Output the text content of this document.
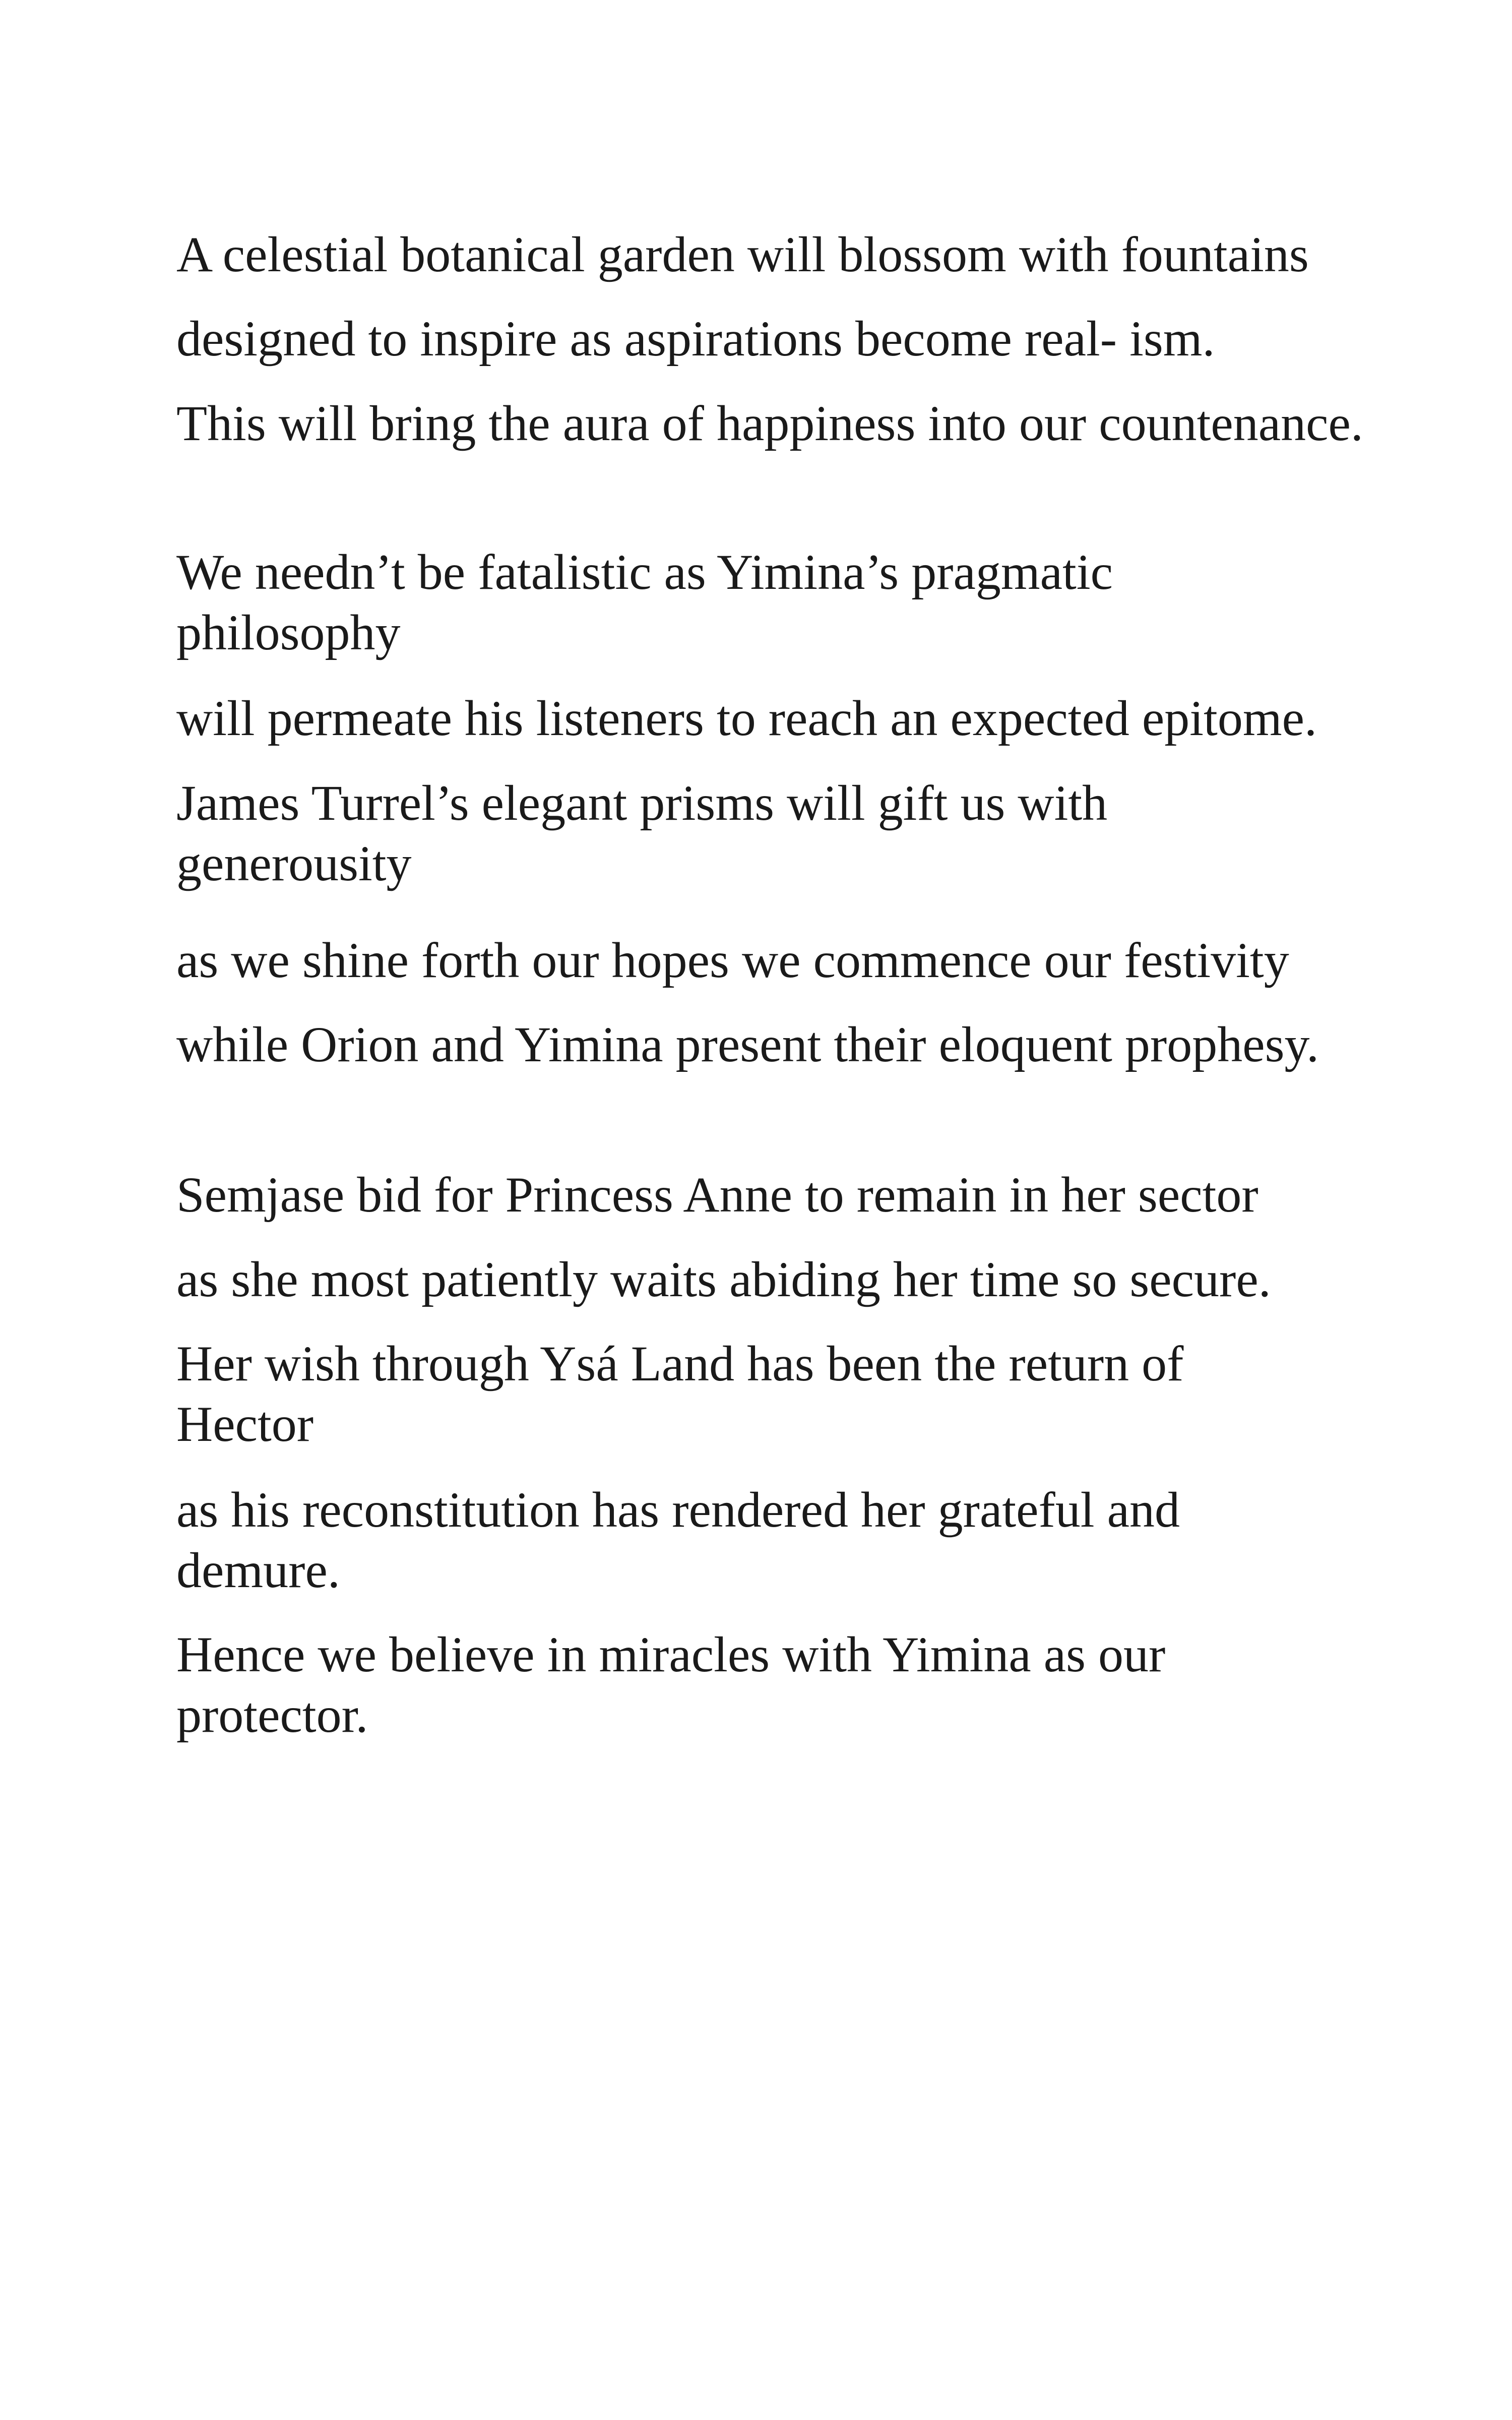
A celestial botanical garden will blossom with fountains

designed to inspire as aspirations become real- ism.

This will bring the aura of happiness into our countenance.

We needn’t be fatalistic as Yimina’s pragmatic philosophy

will permeate his listeners to reach an expected epitome.

James Turrel’s elegant prisms will gift us with generousity

as we shine forth our hopes we commence our festivity

while Orion and Yimina present their eloquent prophesy.

Semjase bid for Princess Anne to remain in her sector

as she most patiently waits abiding her time so secure.

Her wish through Ysá Land has been the return of Hector

as his reconstitution has rendered her grateful and demure.

Hence we believe in miracles with Yimina as our protector.
